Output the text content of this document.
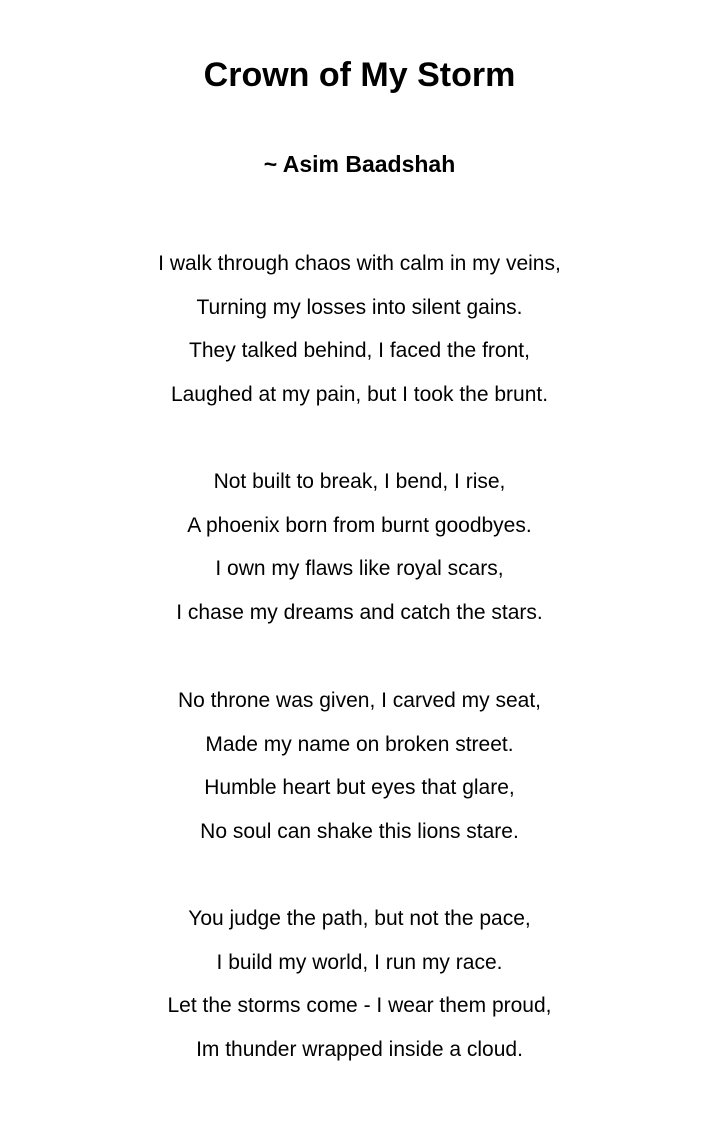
Crown of My Storm
~ Asim Baadshah
I walk through chaos with calm in my veins,
Turning my losses into silent gains.
They talked behind, I faced the front,
Laughed at my pain, but I took the brunt.
Not built to break, I bend, I rise,
A phoenix born from burnt goodbyes.
I own my flaws like royal scars,
I chase my dreams and catch the stars.
No throne was given, I carved my seat,
Made my name on broken street.
Humble heart but eyes that glare,
No soul can shake this lions stare.
You judge the path, but not the pace,
I build my world, I run my race.
Let the storms come - I wear them proud,
Im thunder wrapped inside a cloud.
